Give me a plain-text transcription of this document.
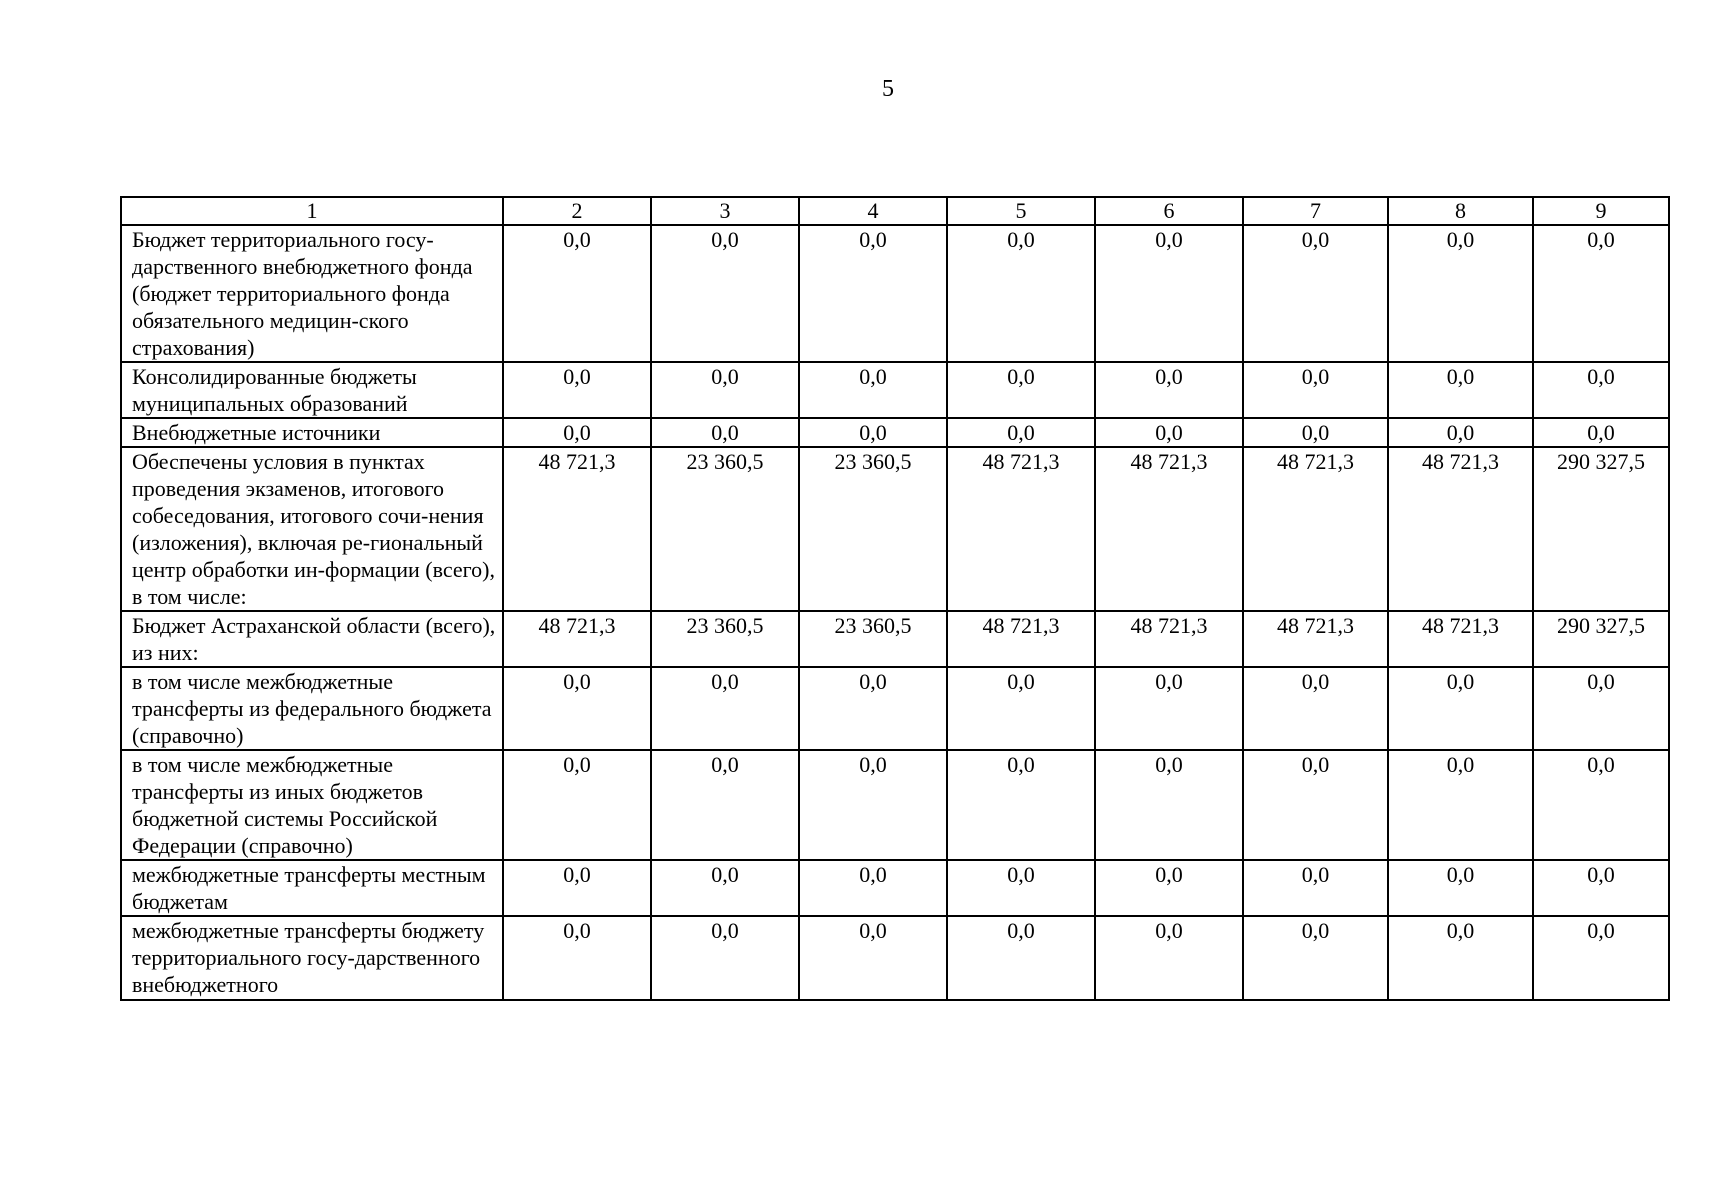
5
1	2	3	4	5	6	7	8	9
Бюджет территориального госу-дарственного внебюджетного фонда (бюджет территориального фонда обязательного медицин-ского страхования)	0,0	0,0	0,0	0,0	0,0	0,0	0,0	0,0
Консолидированные бюджеты муниципальных образований	0,0	0,0	0,0	0,0	0,0	0,0	0,0	0,0
Внебюджетные источники	0,0	0,0	0,0	0,0	0,0	0,0	0,0	0,0
Обеспечены условия в пунктах проведения экзаменов, итогового собеседования, итогового сочи-нения (изложения), включая ре-гиональный центр обработки ин-формации (всего), в том числе:	48 721,3	23 360,5	23 360,5	48 721,3	48 721,3	48 721,3	48 721,3	290 327,5
Бюджет Астраханской области (всего), из них:	48 721,3	23 360,5	23 360,5	48 721,3	48 721,3	48 721,3	48 721,3	290 327,5
в том числе межбюджетные трансферты из федерального бюджета (справочно)	0,0	0,0	0,0	0,0	0,0	0,0	0,0	0,0
в том числе межбюджетные трансферты из иных бюджетов бюджетной системы Российской Федерации (справочно)	0,0	0,0	0,0	0,0	0,0	0,0	0,0	0,0
межбюджетные трансферты местным бюджетам	0,0	0,0	0,0	0,0	0,0	0,0	0,0	0,0
межбюджетные трансферты бюджету территориального госу-дарственного внебюджетного	0,0	0,0	0,0	0,0	0,0	0,0	0,0	0,0
